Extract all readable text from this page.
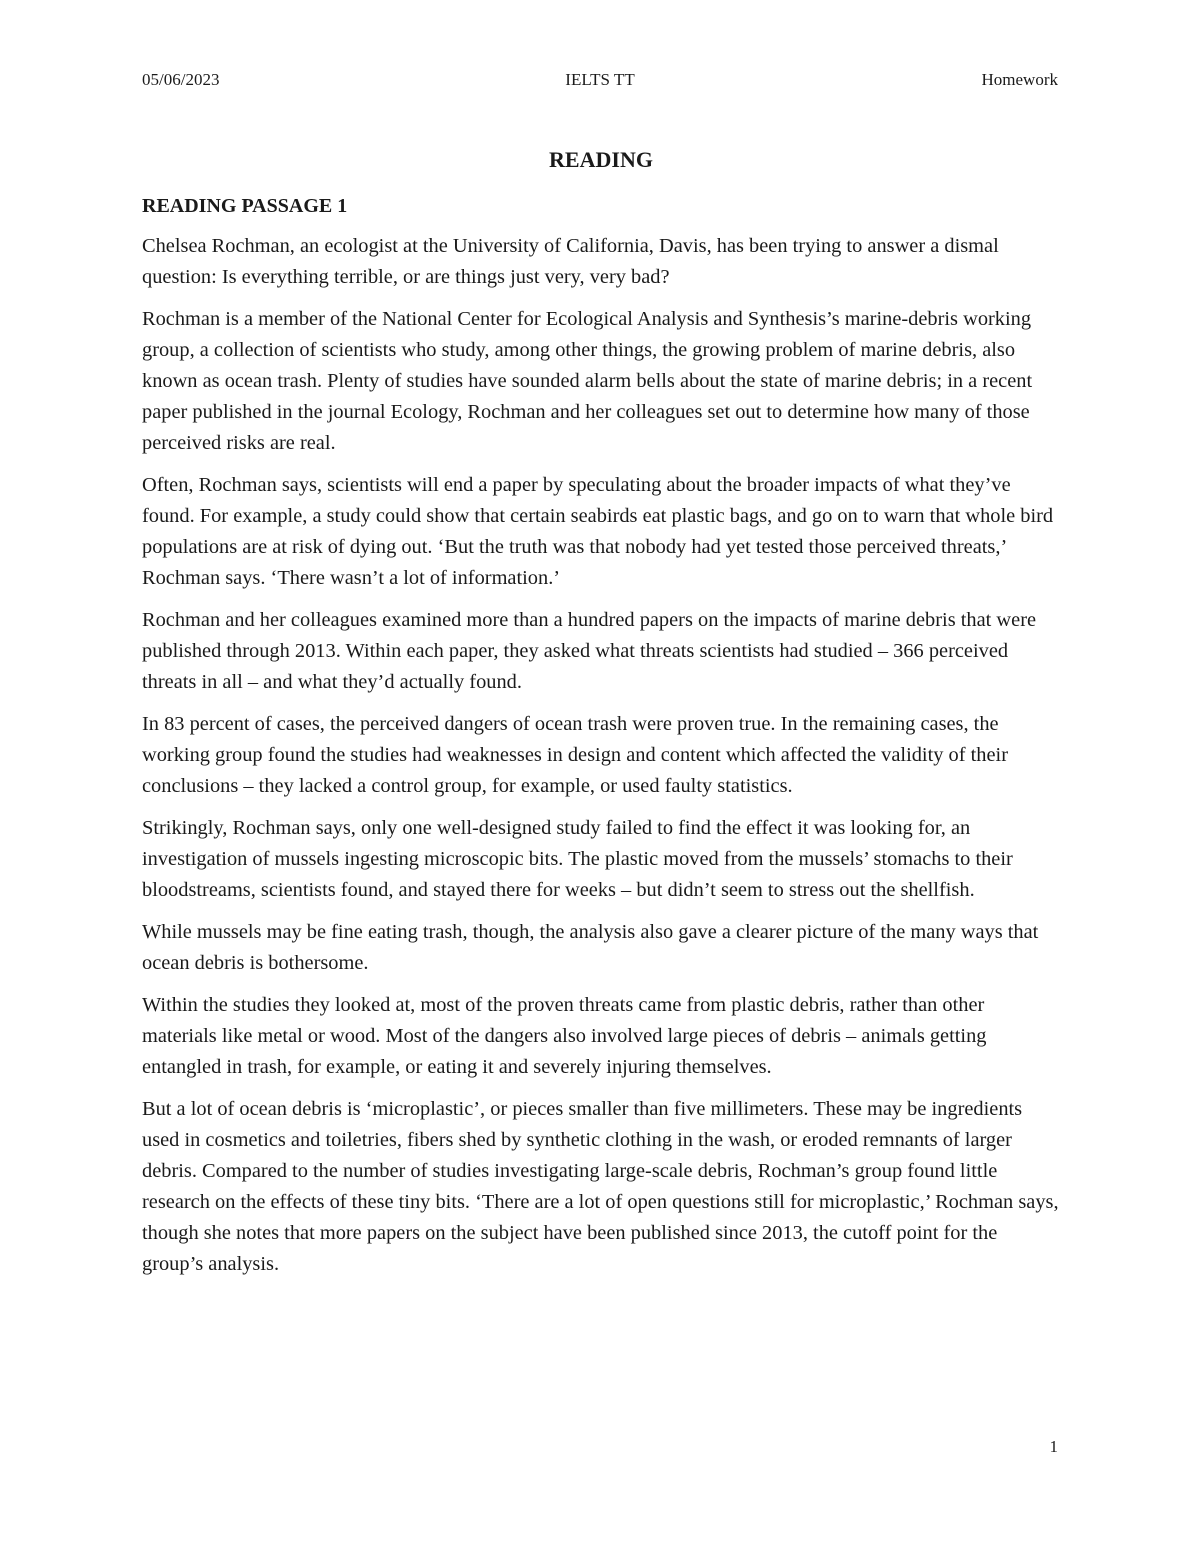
05/06/2023	IELTS TT	Homework
READING
READING PASSAGE 1

Chelsea Rochman, an ecologist at the University of California, Davis, has been trying to answer a dismal question: Is everything terrible, or are things just very, very bad?

Rochman is a member of the National Center for Ecological Analysis and Synthesis’s marine-debris working group, a collection of scientists who study, among other things, the growing problem of marine debris, also known as ocean trash. Plenty of studies have sounded alarm bells about the state of marine debris; in a recent paper published in the journal Ecology, Rochman and her colleagues set out to determine how many of those perceived risks are real.

Often, Rochman says, scientists will end a paper by speculating about the broader impacts of what they’ve found. For example, a study could show that certain seabirds eat plastic bags, and go on to warn that whole bird populations are at risk of dying out. ‘But the truth was that nobody had yet tested those perceived threats,’ Rochman says. ‘There wasn’t a lot of information.’

Rochman and her colleagues examined more than a hundred papers on the impacts of marine debris that were published through 2013. Within each paper, they asked what threats scientists had studied – 366 perceived threats in all – and what they’d actually found.

In 83 percent of cases, the perceived dangers of ocean trash were proven true. In the remaining cases, the working group found the studies had weaknesses in design and content which affected the validity of their conclusions – they lacked a control group, for example, or used faulty statistics.

Strikingly, Rochman says, only one well-designed study failed to find the effect it was looking for, an investigation of mussels ingesting microscopic bits. The plastic moved from the mussels’ stomachs to their bloodstreams, scientists found, and stayed there for weeks – but didn’t seem to stress out the shellfish.

While mussels may be fine eating trash, though, the analysis also gave a clearer picture of the many ways that ocean debris is bothersome.

Within the studies they looked at, most of the proven threats came from plastic debris, rather than other materials like metal or wood. Most of the dangers also involved large pieces of debris – animals getting entangled in trash, for example, or eating it and severely injuring themselves.

But a lot of ocean debris is ‘microplastic’, or pieces smaller than five millimeters. These may be ingredients used in cosmetics and toiletries, fibers shed by synthetic clothing in the wash, or eroded remnants of larger debris. Compared to the number of studies investigating large-scale debris, Rochman’s group found little research on the effects of these tiny bits. ‘There are a lot of open questions still for microplastic,’ Rochman says, though she notes that more papers on the subject have been published since 2013, the cutoff point for the group’s analysis.

1
